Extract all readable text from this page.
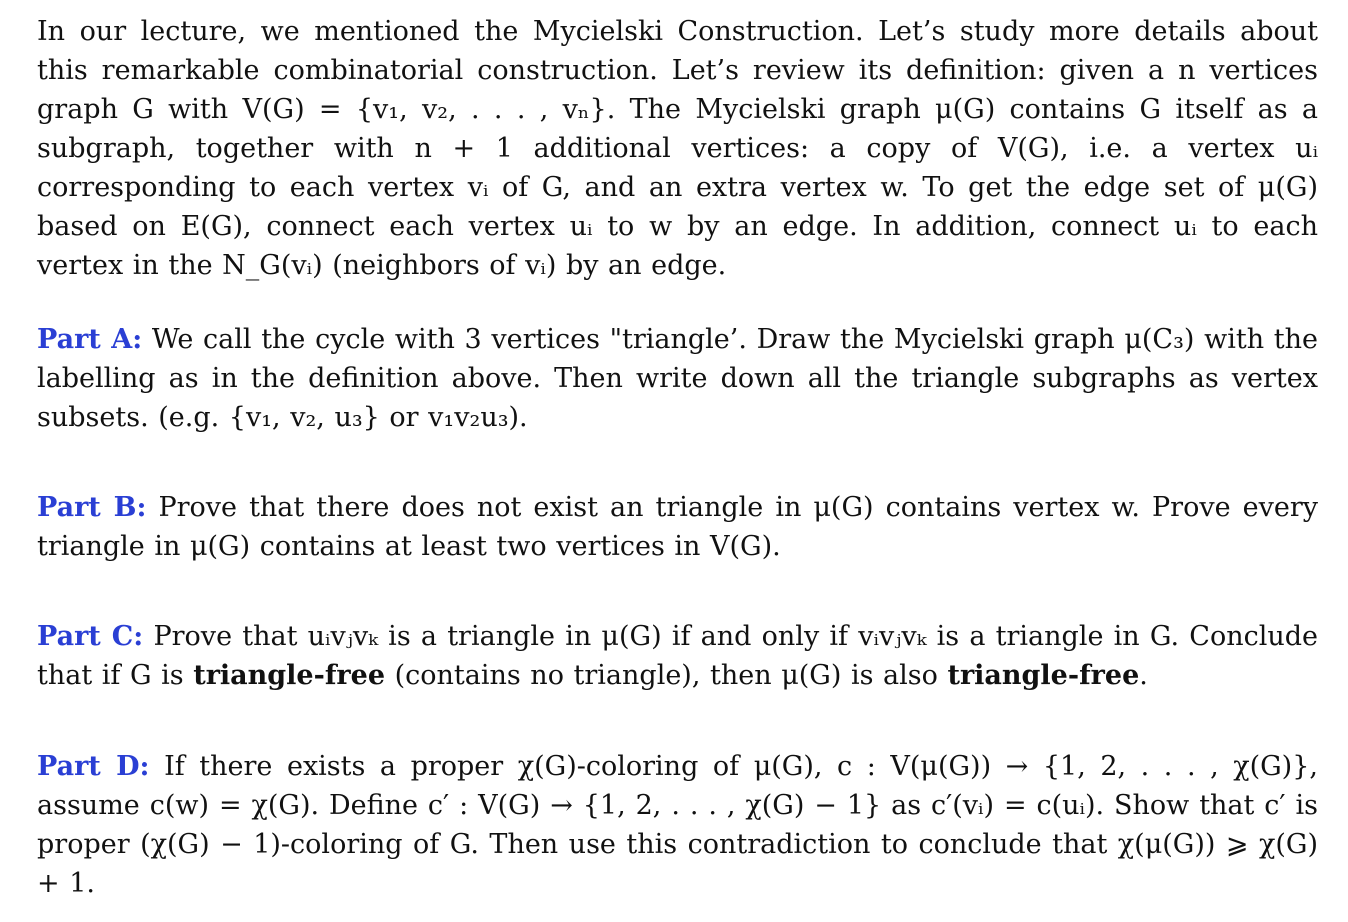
In our lecture, we mentioned the Mycielski Construction. Let’s study more details about this remarkable combinatorial construction. Let’s review its definition: given a n vertices graph G with V(G) = {v₁, v₂, . . . , vₙ}. The Mycielski graph μ(G) contains G itself as a subgraph, together with n + 1 additional vertices: a copy of V(G), i.e. a vertex uᵢ corresponding to each vertex vᵢ of G, and an extra vertex w. To get the edge set of μ(G) based on E(G), connect each vertex uᵢ to w by an edge. In addition, connect uᵢ to each vertex in the N_G(vᵢ) (neighbors of vᵢ) by an edge.

Part A: We call the cycle with 3 vertices "triangle’. Draw the Mycielski graph μ(C₃) with the labelling as in the definition above. Then write down all the triangle subgraphs as vertex subsets. (e.g. {v₁, v₂, u₃} or v₁v₂u₃).

Part B: Prove that there does not exist an triangle in μ(G) contains vertex w. Prove every triangle in μ(G) contains at least two vertices in V(G).

Part C: Prove that uᵢvⱼvₖ is a triangle in μ(G) if and only if vᵢvⱼvₖ is a triangle in G. Conclude that if G is triangle-free (contains no triangle), then μ(G) is also triangle-free.

Part D: If there exists a proper χ(G)-coloring of μ(G), c : V(μ(G)) → {1, 2, . . . , χ(G)}, assume c(w) = χ(G). Define c′ : V(G) → {1, 2, . . . , χ(G) − 1} as c′(vᵢ) = c(uᵢ). Show that c′ is proper (χ(G) − 1)-coloring of G. Then use this contradiction to conclude that χ(μ(G)) ⩾ χ(G) + 1.
